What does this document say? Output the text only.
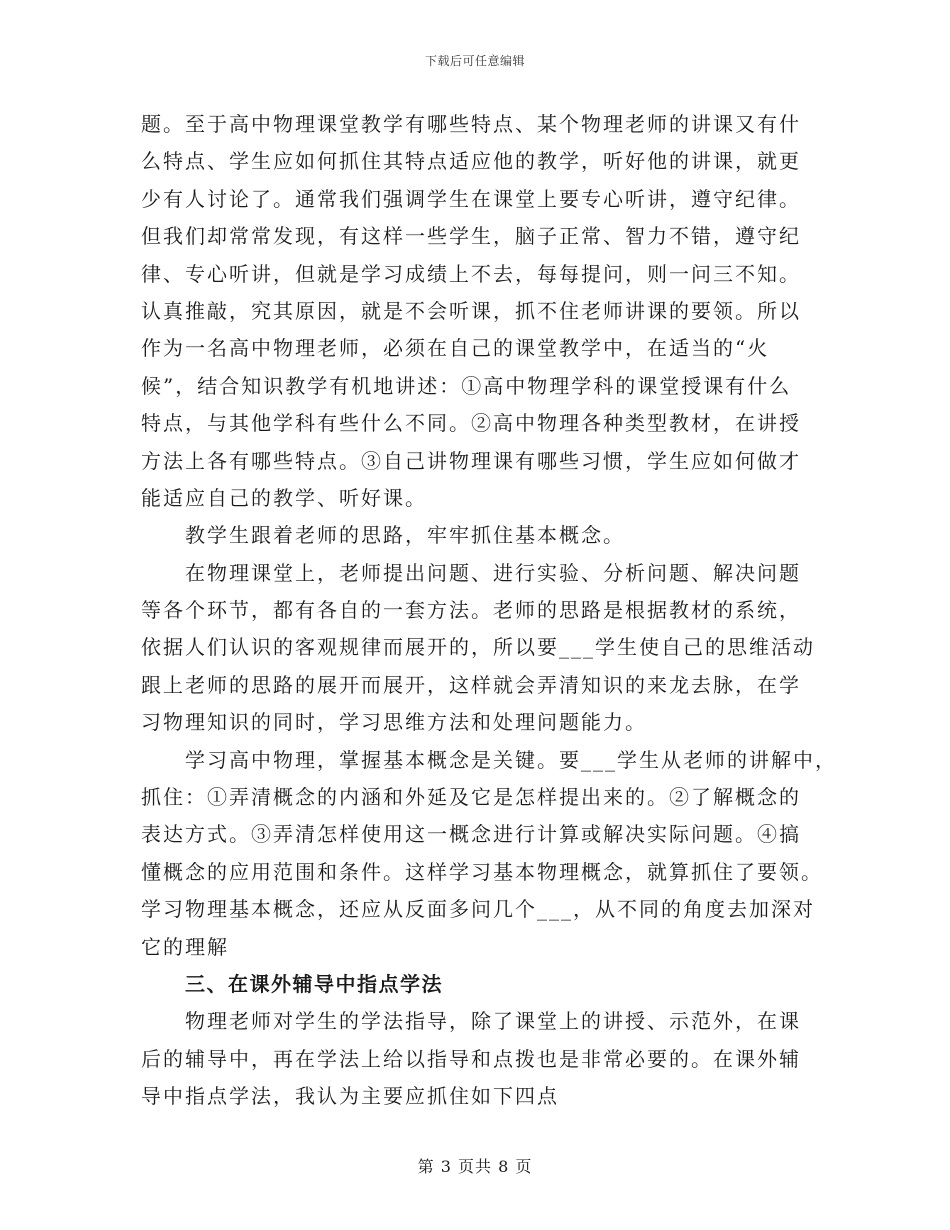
下载后可任意编辑
题。至于高中物理课堂教学有哪些特点、某个物理老师的讲课又有什
么特点、学生应如何抓住其特点适应他的教学，听好他的讲课，就更
少有人讨论了。通常我们强调学生在课堂上要专心听讲，遵守纪律。
但我们却常常发现，有这样一些学生，脑子正常、智力不错，遵守纪
律、专心听讲，但就是学习成绩上不去，每每提问，则一问三不知。
认真推敲，究其原因，就是不会听课，抓不住老师讲课的要领。所以
作为一名高中物理老师，必须在自己的课堂教学中，在适当的“火
候”，结合知识教学有机地讲述：①高中物理学科的课堂授课有什么
特点，与其他学科有些什么不同。②高中物理各种类型教材，在讲授
方法上各有哪些特点。③自己讲物理课有哪些习惯，学生应如何做才
能适应自己的教学、听好课。
教学生跟着老师的思路，牢牢抓住基本概念。
在物理课堂上，老师提出问题、进行实验、分析问题、解决问题
等各个环节，都有各自的一套方法。老师的思路是根据教材的系统，
依据人们认识的客观规律而展开的，所以要___学生使自己的思维活动
跟上老师的思路的展开而展开，这样就会弄清知识的来龙去脉，在学
习物理知识的同时，学习思维方法和处理问题能力。
学习高中物理，掌握基本概念是关键。要___学生从老师的讲解中，
抓住：①弄清概念的内涵和外延及它是怎样提出来的。②了解概念的
表达方式。③弄清怎样使用这一概念进行计算或解决实际问题。④搞
懂概念的应用范围和条件。这样学习基本物理概念，就算抓住了要领。
学习物理基本概念，还应从反面多问几个___，从不同的角度去加深对
它的理解
三、在课外辅导中指点学法
物理老师对学生的学法指导，除了课堂上的讲授、示范外，在课
后的辅导中，再在学法上给以指导和点拨也是非常必要的。在课外辅
导中指点学法，我认为主要应抓住如下四点
第 3 页共 8 页
